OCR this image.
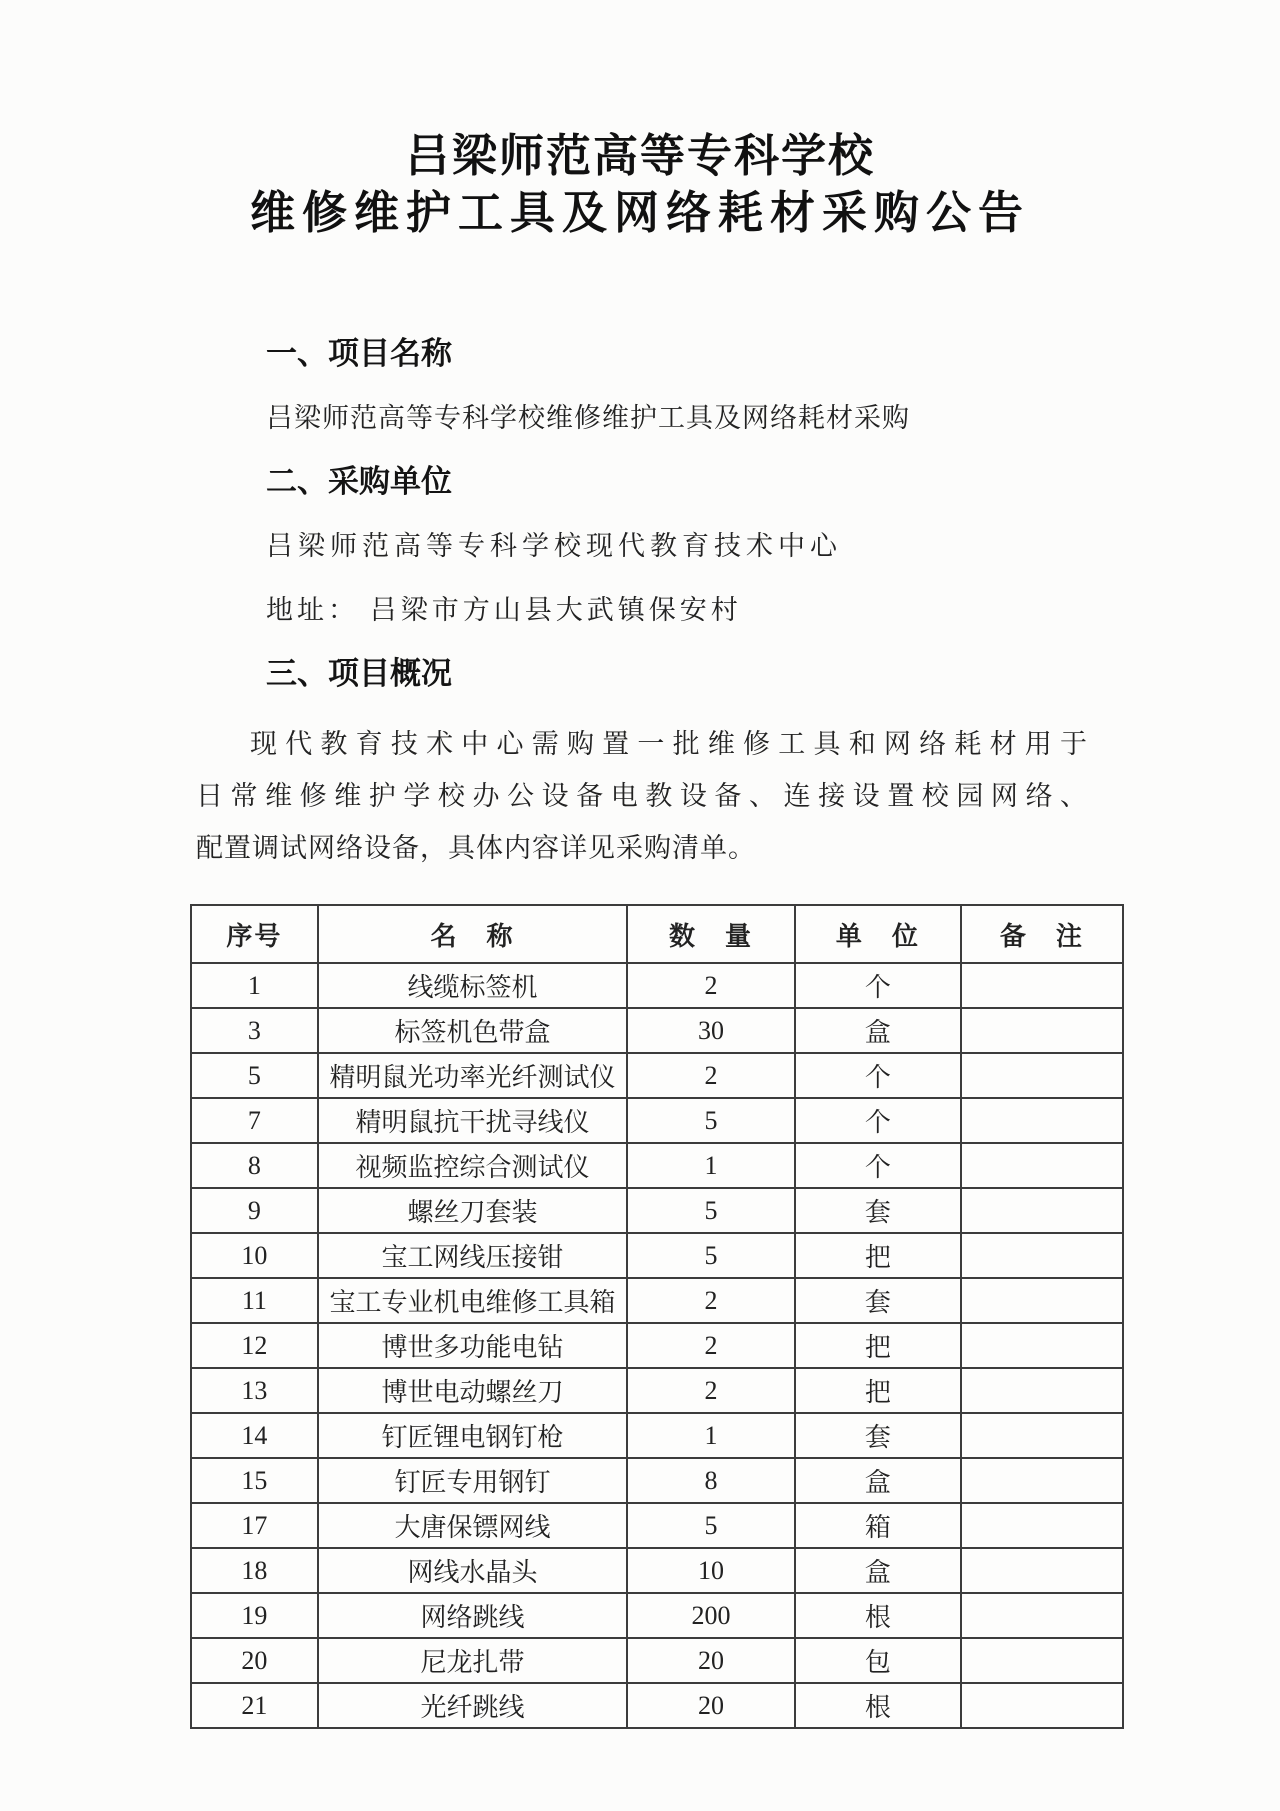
吕梁师范高等专科学校
维修维护工具及网络耗材采购公告
一、项目名称
吕梁师范高等专科学校维修维护工具及网络耗材采购
二、采购单位
吕梁师范高等专科学校现代教育技术中心
地址： 吕梁市方山县大武镇保安村
三、项目概况
现代教育技术中心需购置一批维修工具和网络耗材用于
日常维修维护学校办公设备电教设备、连接设置校园网络、
配置调试网络设备，具体内容详见采购清单。
序号	名　称	数　量	单　位	备　注
1	线缆标签机	2	个	
3	标签机色带盒	30	盒	
5	精明鼠光功率光纤测试仪	2	个	
7	精明鼠抗干扰寻线仪	5	个	
8	视频监控综合测试仪	1	个	
9	螺丝刀套装	5	套	
10	宝工网线压接钳	5	把	
11	宝工专业机电维修工具箱	2	套	
12	博世多功能电钻	2	把	
13	博世电动螺丝刀	2	把	
14	钉匠锂电钢钉枪	1	套	
15	钉匠专用钢钉	8	盒	
17	大唐保镖网线	5	箱	
18	网线水晶头	10	盒	
19	网络跳线	200	根	
20	尼龙扎带	20	包	
21	光纤跳线	20	根	
